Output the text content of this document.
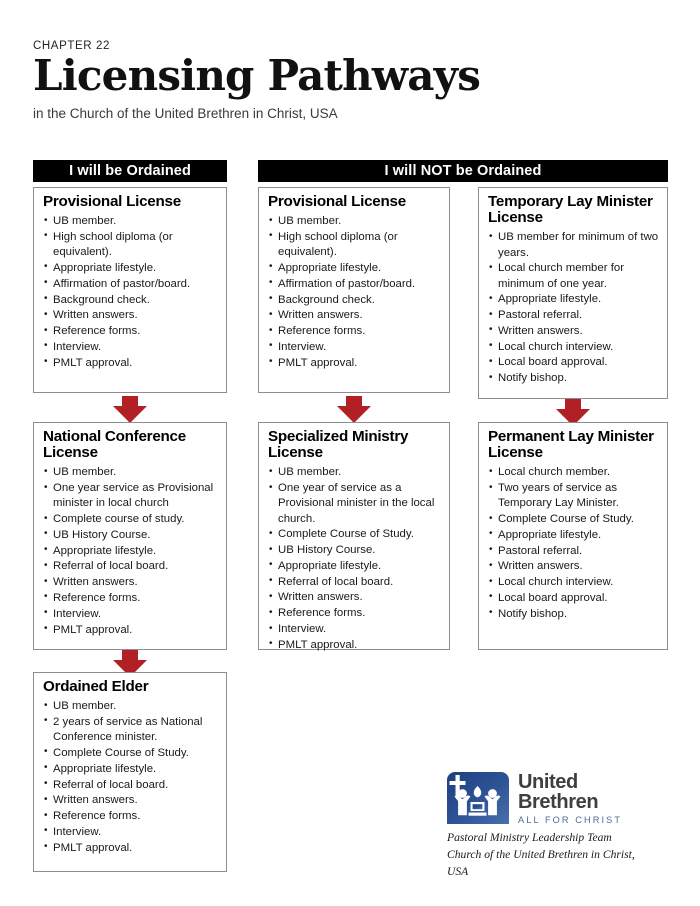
CHAPTER 22
Licensing Pathways
in the Church of the United Brethren in Christ, USA
I will be Ordained	I will NOT be Ordained
Provisional License
• UB member.
• High school diploma (or equivalent).
• Appropriate lifestyle.
• Affirmation of pastor/board.
• Background check.
• Written answers.
• Reference forms.
• Interview.
• PMLT approval.
Provisional License
• UB member.
• High school diploma (or equivalent).
• Appropriate lifestyle.
• Affirmation of pastor/board.
• Background check.
• Written answers.
• Reference forms.
• Interview.
• PMLT approval.
Temporary Lay Minister License
• UB member for minimum of two years.
• Local church member for minimum of one year.
• Appropriate lifestyle.
• Pastoral referral.
• Written answers.
• Local church interview.
• Local board approval.
• Notify bishop.
National Conference License
• UB member.
• One year service as Provisional minister in local church
• Complete course of study.
• UB History Course.
• Appropriate lifestyle.
• Referral of local board.
• Written answers.
• Reference forms.
• Interview.
• PMLT approval.
Specialized Ministry License
• UB member.
• One year of service as a Provisional minister in the local church.
• Complete Course of Study.
• UB History Course.
• Appropriate lifestyle.
• Referral of local board.
• Written answers.
• Reference forms.
• Interview.
• PMLT approval.
Permanent Lay Minister License
• Local church member.
• Two years of service as Temporary Lay Minister.
• Complete Course of Study.
• Appropriate lifestyle.
• Pastoral referral.
• Written answers.
• Local church interview.
• Local board approval.
• Notify bishop.
Ordained Elder
• UB member.
• 2 years of service as National Conference minister.
• Complete Course of Study.
• Appropriate lifestyle.
• Referral of local board.
• Written answers.
• Reference forms.
• Interview.
• PMLT approval.
United
Brethren
ALL FOR CHRIST
Pastoral Ministry Leadership Team
Church of the United Brethren in Christ, USA
